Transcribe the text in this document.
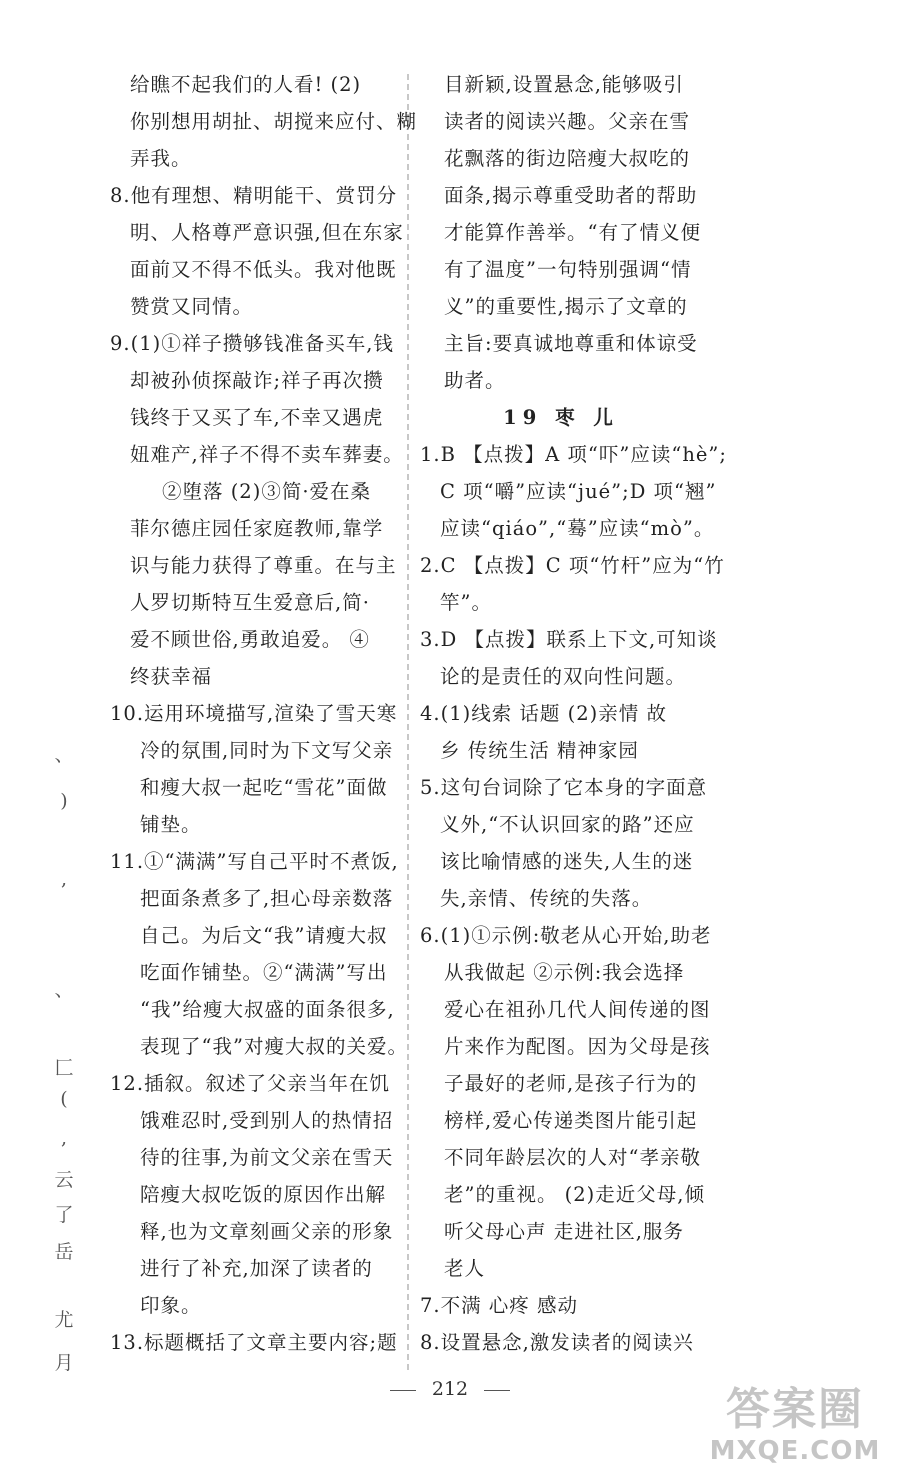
给瞧不起我们的人看! (2)
你别想用胡扯、胡搅来应付、糊
弄我。
8.他有理想、精明能干、赏罚分
明、人格尊严意识强,但在东家
面前又不得不低头。我对他既
赞赏又同情。
9.(1)①祥子攒够钱准备买车,钱
却被孙侦探敲诈;祥子再次攒
钱终于又买了车,不幸又遇虎
妞难产,祥子不得不卖车葬妻。
②堕落 (2)③简·爱在桑
菲尔德庄园任家庭教师,靠学
识与能力获得了尊重。在与主
人罗切斯特互生爱意后,简·
爱不顾世俗,勇敢追爱。 ④
终获幸福
10.运用环境描写,渲染了雪天寒
冷的氛围,同时为下文写父亲
和瘦大叔一起吃“雪花”面做
铺垫。
11.①“满满”写自己平时不煮饭,
把面条煮多了,担心母亲数落
自己。为后文“我”请瘦大叔
吃面作铺垫。②“满满”写出
“我”给瘦大叔盛的面条很多,
表现了“我”对瘦大叔的关爱。
12.插叙。叙述了父亲当年在饥
饿难忍时,受到别人的热情招
待的往事,为前文父亲在雪天
陪瘦大叔吃饭的原因作出解
释,也为文章刻画父亲的形象
进行了补充,加深了读者的
印象。
13.标题概括了文章主要内容;题
目新颖,设置悬念,能够吸引
读者的阅读兴趣。父亲在雪
花飘落的街边陪瘦大叔吃的
面条,揭示尊重受助者的帮助
才能算作善举。“有了情义便
有了温度”一句特别强调“情
义”的重要性,揭示了文章的
主旨:要真诚地尊重和体谅受
助者。
19 枣 儿
1.B 【点拨】A 项“吓”应读“hè”;
C 项“嚼”应读“jué”;D 项“翘”
应读“qiáo”,“蓦”应读“mò”。
2.C 【点拨】C 项“竹杆”应为“竹
竿”。
3.D 【点拨】联系上下文,可知谈
论的是责任的双向性问题。
4.(1)线索 话题 (2)亲情 故
乡 传统生活 精神家园
5.这句台词除了它本身的字面意
义外,“不认识回家的路”还应
该比喻情感的迷失,人生的迷
失,亲情、传统的失落。
6.(1)①示例:敬老从心开始,助老
从我做起 ②示例:我会选择
爱心在祖孙几代人间传递的图
片来作为配图。因为父母是孩
子最好的老师,是孩子行为的
榜样,爱心传递类图片能引起
不同年龄层次的人对“孝亲敬
老”的重视。 (2)走近父母,倾
听父母心声 走进社区,服务
老人
7.不满 心疼 感动
8.设置悬念,激发读者的阅读兴
、
)
,
、
匚
(
,
云
了
岳
尤
月
212	答案圈
MXQE.COM
